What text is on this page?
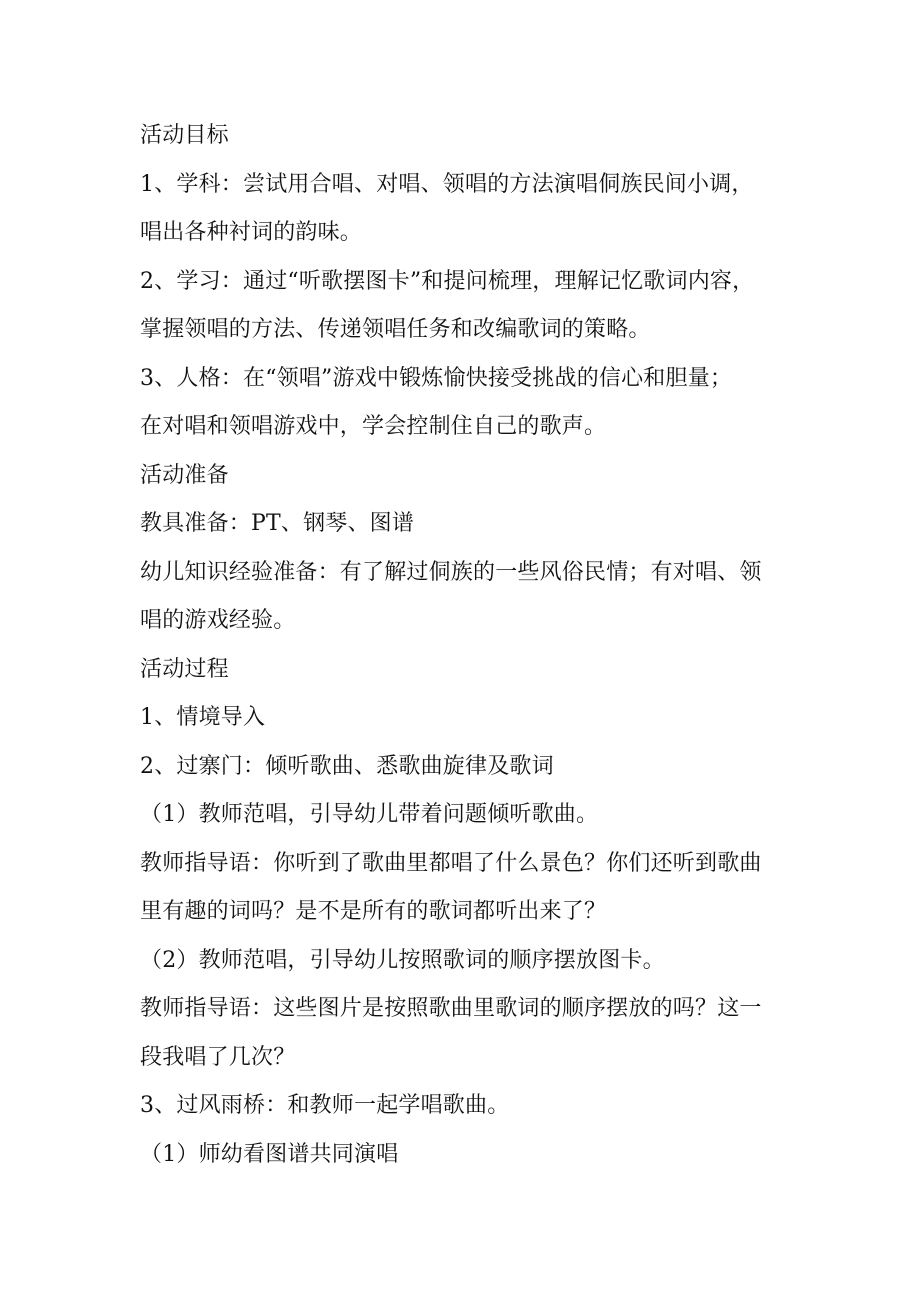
活动目标

1、学科：尝试用合唱、对唱、领唱的方法演唱侗族民间小调，

唱出各种衬词的韵味。

2、学习：通过“听歌摆图卡”和提问梳理，理解记忆歌词内容，

掌握领唱的方法、传递领唱任务和改编歌词的策略。

3、人格：在“领唱”游戏中锻炼愉快接受挑战的信心和胆量；

在对唱和领唱游戏中，学会控制住自己的歌声。

活动准备

教具准备：PT、钢琴、图谱

幼儿知识经验准备：有了解过侗族的一些风俗民情；有对唱、领

唱的游戏经验。

活动过程

1、情境导入

2、过寨门：倾听歌曲、悉歌曲旋律及歌词

（1）教师范唱，引导幼儿带着问题倾听歌曲。

教师指导语：你听到了歌曲里都唱了什么景色？你们还听到歌曲

里有趣的词吗？是不是所有的歌词都听出来了？

（2）教师范唱，引导幼儿按照歌词的顺序摆放图卡。

教师指导语：这些图片是按照歌曲里歌词的顺序摆放的吗？这一

段我唱了几次？

3、过风雨桥：和教师一起学唱歌曲。

（1）师幼看图谱共同演唱
